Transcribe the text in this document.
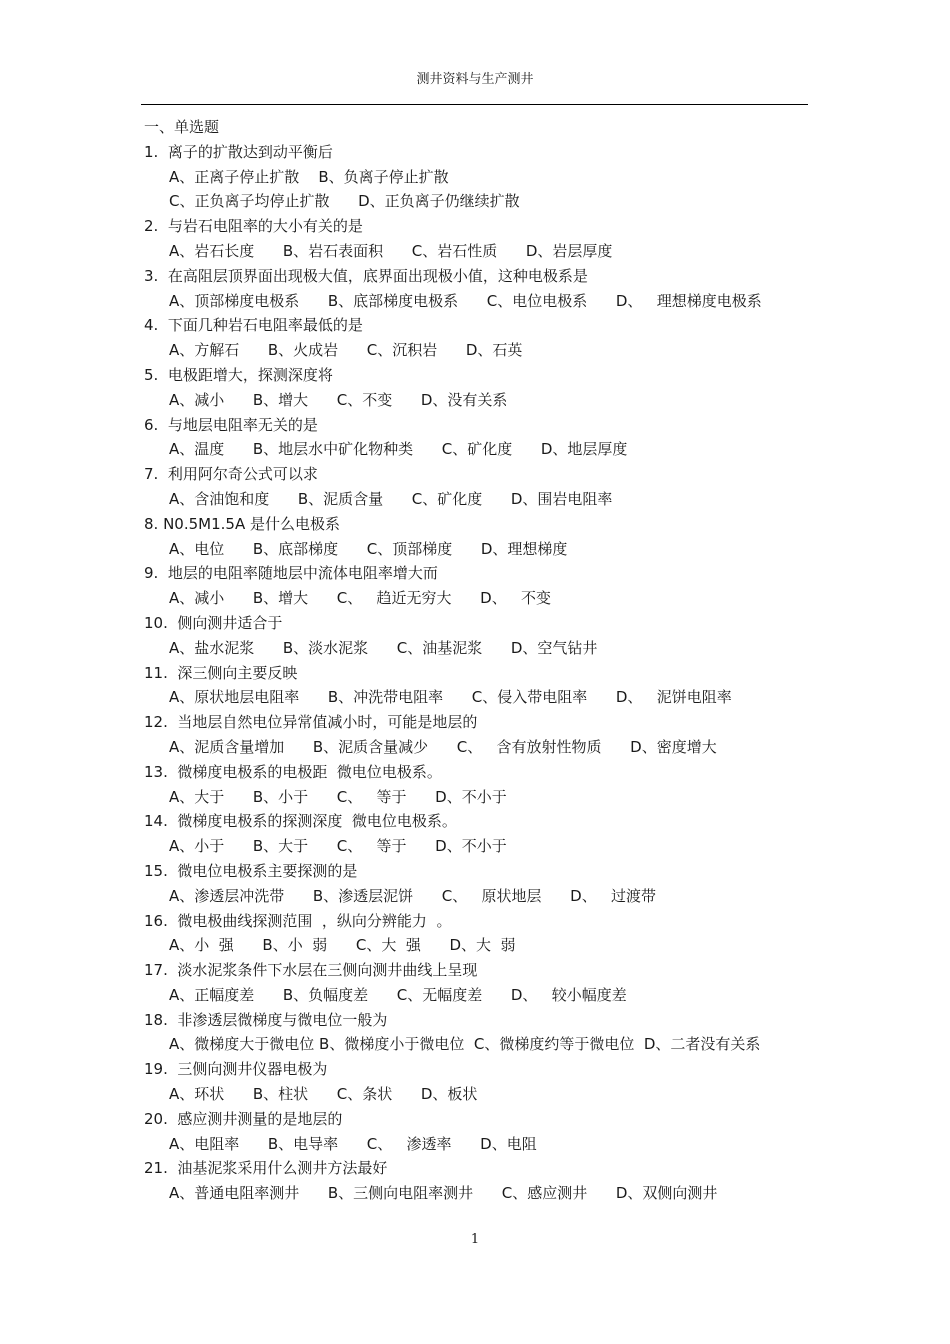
测井资料与生产测井
一、单选题
1.  离子的扩散达到动平衡后
A、正离子停止扩散    B、负离子停止扩散
C、正负离子均停止扩散      D、正负离子仍继续扩散
2.  与岩石电阻率的大小有关的是
A、岩石长度      B、岩石表面积      C、岩石性质      D、岩层厚度
3.  在高阻层顶界面出现极大值，底界面出现极小值，这种电极系是
A、顶部梯度电极系      B、底部梯度电极系      C、电位电极系      D、   理想梯度电极系
4.  下面几种岩石电阻率最低的是
A、方解石      B、火成岩      C、沉积岩      D、石英
5.  电极距增大，探测深度将
A、减小      B、增大      C、不变      D、没有关系
6.  与地层电阻率无关的是
A、温度      B、地层水中矿化物种类      C、矿化度      D、地层厚度
7.  利用阿尔奇公式可以求
A、含油饱和度      B、泥质含量      C、矿化度      D、围岩电阻率
8. N0.5M1.5A 是什么电极系
A、电位      B、底部梯度      C、顶部梯度      D、理想梯度
9.  地层的电阻率随地层中流体电阻率增大而
A、减小      B、增大      C、   趋近无穷大      D、   不变
10.  侧向测井适合于
A、盐水泥浆      B、淡水泥浆      C、油基泥浆      D、空气钻井
11.  深三侧向主要反映
A、原状地层电阻率      B、冲洗带电阻率      C、侵入带电阻率      D、   泥饼电阻率
12.  当地层自然电位异常值减小时，可能是地层的
A、泥质含量增加      B、泥质含量减少      C、   含有放射性物质      D、密度增大
13.  微梯度电极系的电极距  微电位电极系。
A、大于      B、小于      C、   等于      D、不小于
14.  微梯度电极系的探测深度  微电位电极系。
A、小于      B、大于      C、   等于      D、不小于
15.  微电位电极系主要探测的是
A、渗透层冲洗带      B、渗透层泥饼      C、   原状地层      D、   过渡带
16.  微电极曲线探测范围  ，纵向分辨能力  。
A、小  强      B、小  弱      C、大  强      D、大  弱
17.  淡水泥浆条件下水层在三侧向测井曲线上呈现
A、正幅度差      B、负幅度差      C、无幅度差      D、   较小幅度差
18.  非渗透层微梯度与微电位一般为
A、微梯度大于微电位 B、微梯度小于微电位  C、微梯度约等于微电位  D、二者没有关系
19.  三侧向测井仪器电极为
A、环状      B、柱状      C、条状      D、板状
20.  感应测井测量的是地层的
A、电阻率      B、电导率      C、   渗透率      D、电阻
21.  油基泥浆采用什么测井方法最好
A、普通电阻率测井      B、三侧向电阻率测井      C、感应测井      D、双侧向测井
1
